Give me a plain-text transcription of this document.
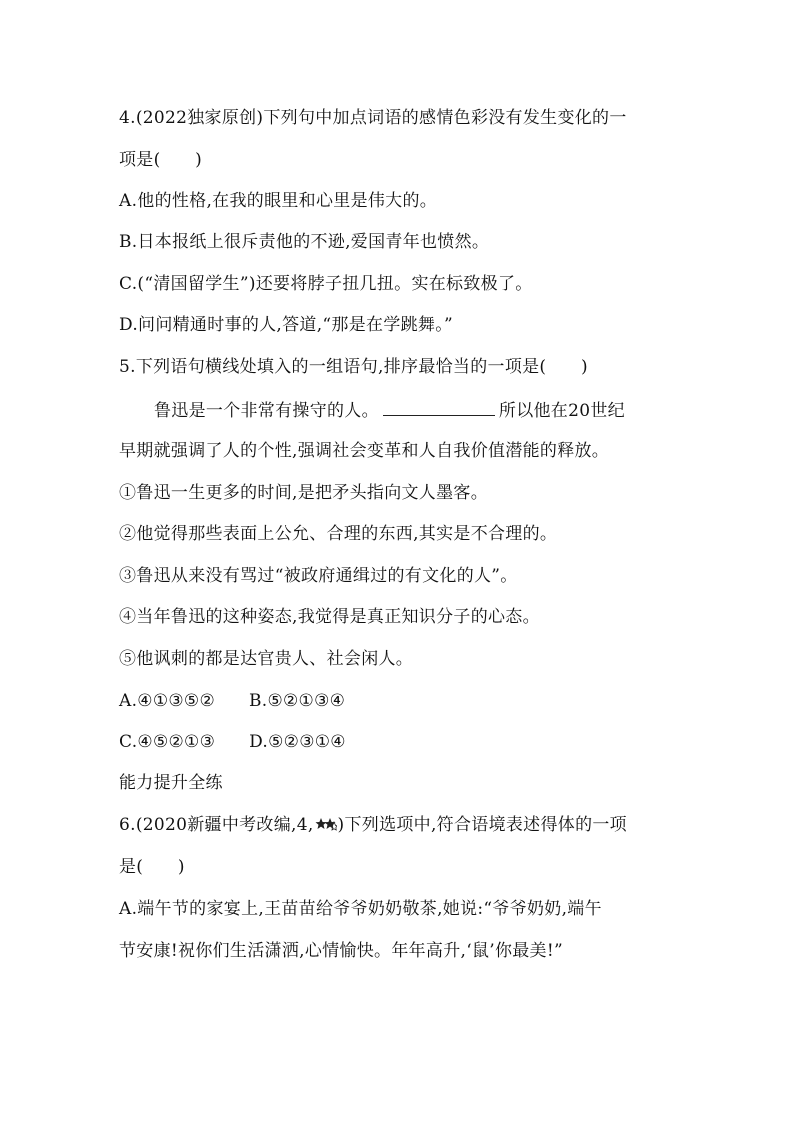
4.(2022独家原创)下列句中加点词语的感情色彩没有发生变化的一
项是(　　)
A.他的性格,在我的眼里和心里是伟大的。
B.日本报纸上很斥责他的不逊,爱国青年也愤然。
C.(“清国留学生”)还要将脖子扭几扭。实在标致极了。
D.问问精通时事的人,答道,“那是在学跳舞。”
5.下列语句横线处填入的一组语句,排序最恰当的一项是(　　)
鲁迅是一个非常有操守的人。	所以他在20世纪
早期就强调了人的个性,强调社会变革和人自我价值潜能的释放。
①鲁迅一生更多的时间,是把矛头指向文人墨客。
②他觉得那些表面上公允、合理的东西,其实是不合理的。
③鲁迅从来没有骂过“被政府通缉过的有文化的人”。
④当年鲁迅的这种姿态,我觉得是真正知识分子的心态。
⑤他讽刺的都是达官贵人、社会闲人。
A.④①③⑤② B.⑤②①③④
C.④⑤②①③ D.⑤②③①④
能力提升全练
6.(2020新疆中考改编,4, )下列选项中,符合语境表述得体的一项
是(　　)
A.端午节的家宴上,王苗苗给爷爷奶奶敬茶,她说:“爷爷奶奶,端午
节安康!祝你们生活潇洒,心情愉快。年年高升,‘鼠’你最美!”
